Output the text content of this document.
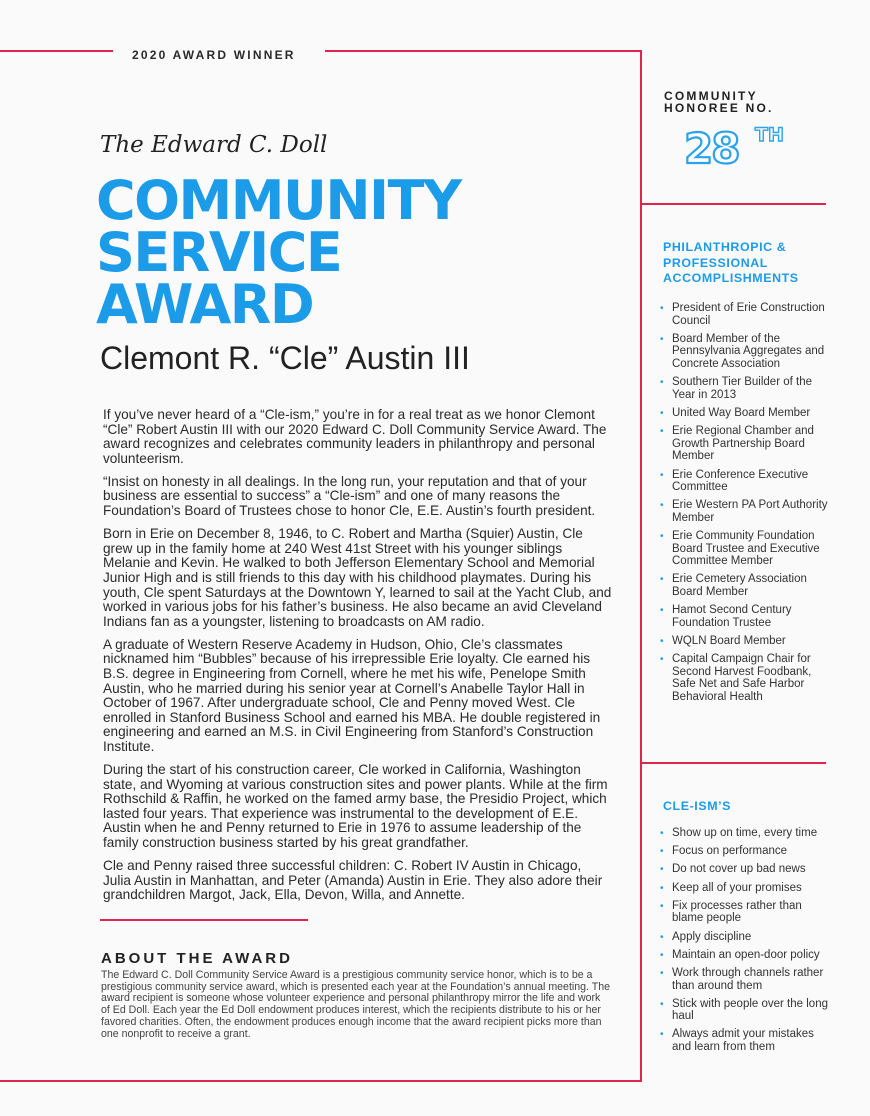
2020 AWARD WINNER
The Edward C. Doll
COMMUNITY
SERVICE
AWARD
Clemont R. “Cle” Austin III

If you’ve never heard of a “Cle-ism,” you’re in for a real treat as we honor Clemont “Cle” Robert Austin III with our 2020 Edward C. Doll Community Service Award. The award recognizes and celebrates community leaders in philanthropy and personal volunteerism.

“Insist on honesty in all dealings. In the long run, your reputation and that of your business are essential to success” a “Cle-ism” and one of many reasons the Foundation’s Board of Trustees chose to honor Cle, E.E. Austin’s fourth president.

Born in Erie on December 8, 1946, to C. Robert and Martha (Squier) Austin, Cle grew up in the family home at 240 West 41st Street with his younger siblings Melanie and Kevin. He walked to both Jefferson Elementary School and Memorial Junior High and is still friends to this day with his childhood playmates. During his youth, Cle spent Saturdays at the Downtown Y, learned to sail at the Yacht Club, and worked in various jobs for his father’s business. He also became an avid Cleveland Indians fan as a youngster, listening to broadcasts on AM radio.

A graduate of Western Reserve Academy in Hudson, Ohio, Cle’s classmates nicknamed him “Bubbles” because of his irrepressible Erie loyalty. Cle earned his B.S. degree in Engineering from Cornell, where he met his wife, Penelope Smith Austin, who he married during his senior year at Cornell’s Anabelle Taylor Hall in October of 1967. After undergraduate school, Cle and Penny moved West. Cle enrolled in Stanford Business School and earned his MBA. He double registered in engineering and earned an M.S. in Civil Engineering from Stanford’s Construction Institute.

During the start of his construction career, Cle worked in California, Washington state, and Wyoming at various construction sites and power plants. While at the firm Rothschild & Raffin, he worked on the famed army base, the Presidio Project, which lasted four years. That experience was instrumental to the development of E.E. Austin when he and Penny returned to Erie in 1976 to assume leadership of the family construction business started by his great grandfather.

Cle and Penny raised three successful children: C. Robert IV Austin in Chicago, Julia Austin in Manhattan, and Peter (Amanda) Austin in Erie. They also adore their grandchildren Margot, Jack, Ella, Devon, Willa, and Annette.

ABOUT THE AWARD
The Edward C. Doll Community Service Award is a prestigious community service honor, which is to be a prestigious community service award, which is presented each year at the Foundation’s annual meeting. The award recipient is someone whose volunteer experience and personal philanthropy mirror the life and work of Ed Doll. Each year the Ed Doll endowment produces interest, which the recipients distribute to his or her favored charities. Often, the endowment produces enough income that the award recipient picks more than one nonprofit to receive a grant.
COMMUNITY
HONOREE NO.
28 TH
PHILANTHROPIC &
PROFESSIONAL
ACCOMPLISHMENTS
• President of Erie Construction Council
• Board Member of the Pennsylvania Aggregates and Concrete Association
• Southern Tier Builder of the Year in 2013
• United Way Board Member
• Erie Regional Chamber and Growth Partnership Board Member
• Erie Conference Executive Committee
• Erie Western PA Port Authority Member
• Erie Community Foundation Board Trustee and Executive Committee Member
• Erie Cemetery Association Board Member
• Hamot Second Century Foundation Trustee
• WQLN Board Member
• Capital Campaign Chair for Second Harvest Foodbank, Safe Net and Safe Harbor Behavioral Health
CLE-ISM’S
• Show up on time, every time
• Focus on performance
• Do not cover up bad news
• Keep all of your promises
• Fix processes rather than blame people
• Apply discipline
• Maintain an open-door policy
• Work through channels rather than around them
• Stick with people over the long haul
• Always admit your mistakes and learn from them
